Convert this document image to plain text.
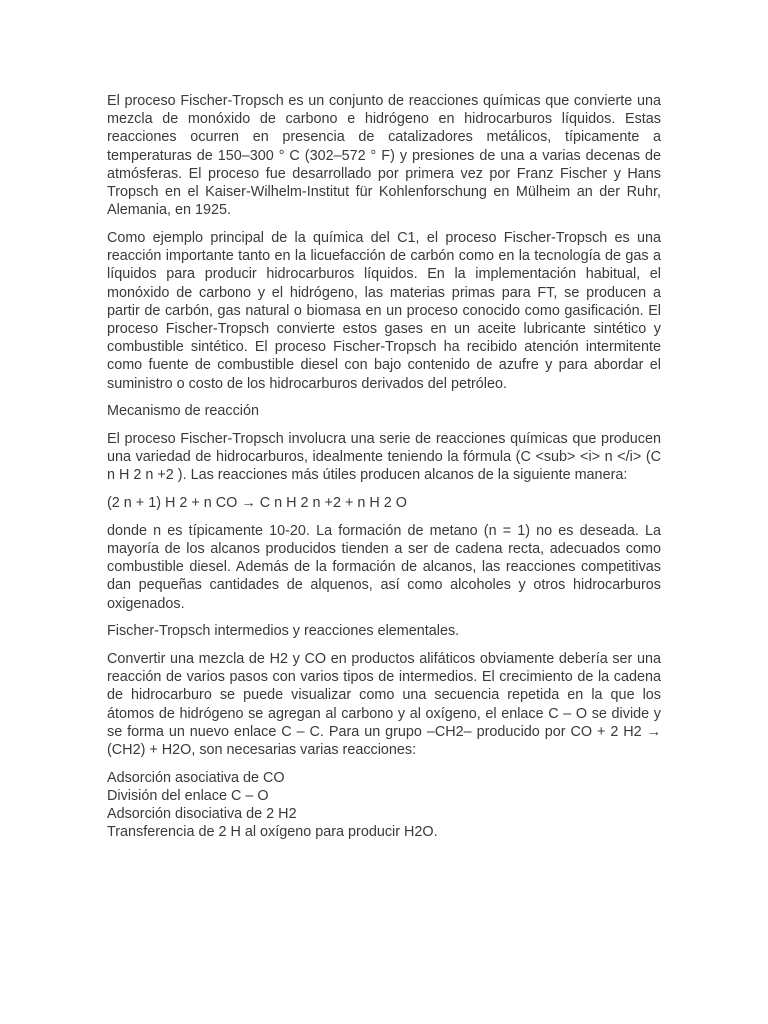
El proceso Fischer-Tropsch es un conjunto de reacciones químicas que convierte una mezcla de monóxido de carbono e hidrógeno en hidrocarburos líquidos. Estas reacciones ocurren en presencia de catalizadores metálicos, típicamente a temperaturas de 150–300 ° C (302–572 ° F) y presiones de una a varias decenas de atmósferas. El proceso fue desarrollado por primera vez por Franz Fischer y Hans Tropsch en el Kaiser-Wilhelm-Institut für Kohlenforschung en Mülheim an der Ruhr, Alemania, en 1925.

Como ejemplo principal de la química del C1, el proceso Fischer-Tropsch es una reacción importante tanto en la licuefacción de carbón como en la tecnología de gas a líquidos para producir hidrocarburos líquidos. En la implementación habitual, el monóxido de carbono y el hidrógeno, las materias primas para FT, se producen a partir de carbón, gas natural o biomasa en un proceso conocido como gasificación. El proceso Fischer-Tropsch convierte estos gases en un aceite lubricante sintético y combustible sintético. El proceso Fischer-Tropsch ha recibido atención intermitente como fuente de combustible diesel con bajo contenido de azufre y para abordar el suministro o costo de los hidrocarburos derivados del petróleo.

Mecanismo de reacción

El proceso Fischer-Tropsch involucra una serie de reacciones químicas que producen una variedad de hidrocarburos, idealmente teniendo la fórmula (C <sub> <i> n </i> (C n H 2 n +2 ). Las reacciones más útiles producen alcanos de la siguiente manera:

(2 n + 1) H 2 + n CO → C n H 2 n +2 + n H 2 O

donde n es típicamente 10-20. La formación de metano (n = 1) no es deseada. La mayoría de los alcanos producidos tienden a ser de cadena recta, adecuados como combustible diesel. Además de la formación de alcanos, las reacciones competitivas dan pequeñas cantidades de alquenos, así como alcoholes y otros hidrocarburos oxigenados.

Fischer-Tropsch intermedios y reacciones elementales.

Convertir una mezcla de H2 y CO en productos alifáticos obviamente debería ser una reacción de varios pasos con varios tipos de intermedios. El crecimiento de la cadena de hidrocarburo se puede visualizar como una secuencia repetida en la que los átomos de hidrógeno se agregan al carbono y al oxígeno, el enlace C – O se divide y se forma un nuevo enlace C – C. Para un grupo –CH2– producido por CO + 2 H2 → (CH2) + H2O, son necesarias varias reacciones:

Adsorción asociativa de CO
División del enlace C – O
Adsorción disociativa de 2 H2
Transferencia de 2 H al oxígeno para producir H2O.
